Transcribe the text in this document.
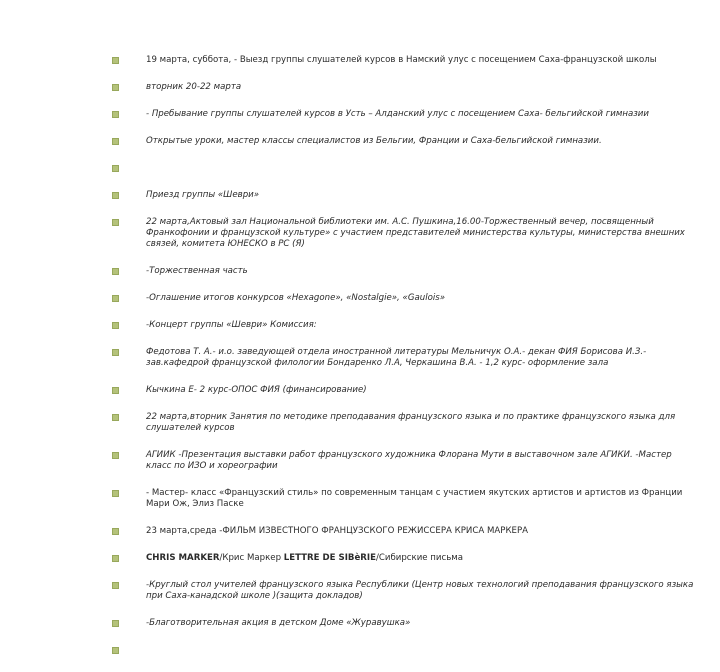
19 марта, суббота, - Выезд группы слушателей курсов в Намский улус с посещением Саха-французской школы
вторник 20-22 марта
- Пребывание группы слушателей курсов в Усть – Алданский улус с посещением Саха- бельгийской гимназии
Открытые уроки, мастер классы специалистов из Бельгии, Франции и Саха-бельгийской гимназии.
Приезд группы «Шеври»
22 марта,Актовый зал Национальной библиотеки им. А.С. Пушкина,16.00-Торжественный вечер, посвященный Франкофонии и французской культуре» с участием представителей министерства культуры, министерства внешних связей, комитета ЮНЕСКО в РС (Я)
-Торжественная часть
-Оглашение итогов конкурсов «Hexagone», «Nostalgie», «Gaulois»
-Концерт группы «Шеври» Комиссия:
Федотова Т. А.- и.о. заведующей отдела иностранной литературы Мельничук О.А.- декан ФИЯ Борисова И.З.- зав.кафедрой французской филологии Бондаренко Л.А, Черкашина В.А. - 1,2 курс- оформление зала
Кычкина Е- 2 курс-ОПОС ФИЯ (финансирование)
22 марта,вторник Занятия по методике преподавания французского языка и по практике французского языка для слушателей курсов
АГИИК -Презентация выставки работ французского художника Флорана Мути в выставочном зале АГИКИ. -Мастер класс по ИЗО и хореографии
- Мастер- класс «Французский стиль» по современным танцам с участием якутских артистов и артистов из Франции Мари Ож, Элиз Паске
23 марта,среда -ФИЛЬМ ИЗВЕСТНОГО ФРАНЦУЗСКОГО РЕЖИССЕРА КРИСА МАРКЕРА
CHRIS MARKER/Крис Маркер LETTRE DE SIBèRIE/Сибирские письма
-Круглый стол учителей французского языка Республики (Центр новых технологий преподавания французского языка при Саха-канадской школе )(защита докладов)
-Благотворительная акция в детском Доме «Журавушка»
